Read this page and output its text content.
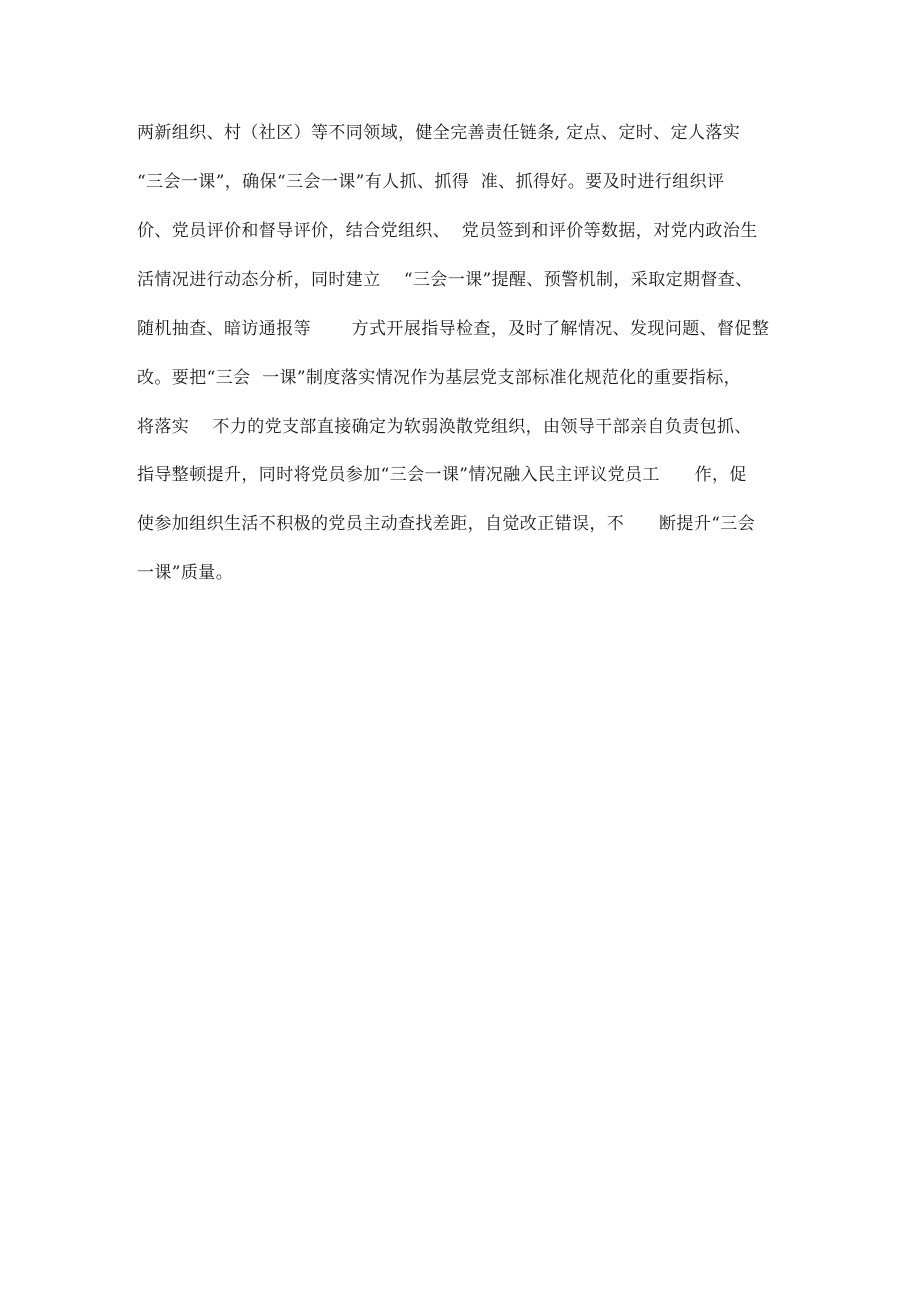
两新组织、村（社区）等不同领域，健全完善责任链条, 定点、定时、定人落实
“三会一课”，确保“三会一课”有人抓、抓得  准、抓得好。要及时进行组织评
价、党员评价和督导评价，结合党组织、  党员签到和评价等数据，对党内政治生
活情况进行动态分析，同时建立    “三会一课”提醒、预警机制，采取定期督查、
随机抽查、暗访通报等       方式开展指导检查，及时了解情况、发现问题、督促整
改。要把“三会  一课”制度落实情况作为基层党支部标准化规范化的重要指标，
将落实    不力的党支部直接确定为软弱涣散党组织，由领导干部亲自负责包抓、
指导整顿提升，同时将党员参加“三会一课”情况融入民主评议党员工      作，促
使参加组织生活不积极的党员主动查找差距，自觉改正错误，不      断提升“三会
一课”质量。
